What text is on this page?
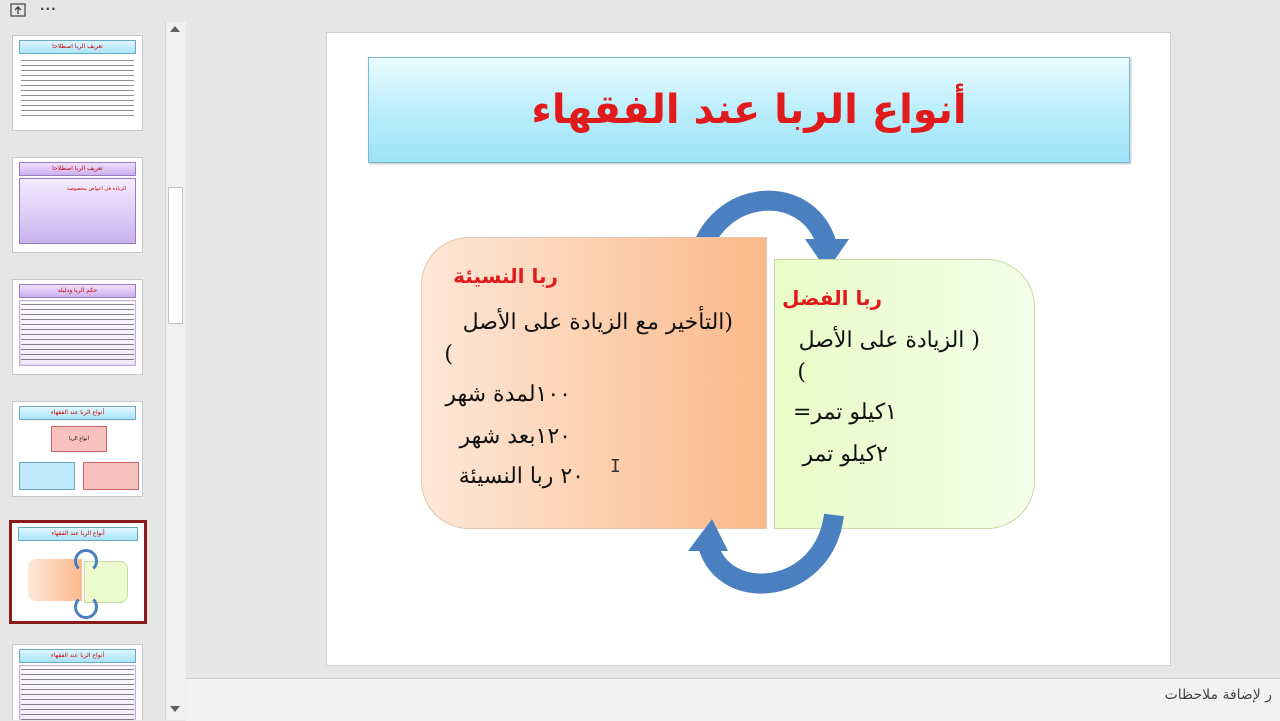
···
تعريف الربا اصطلاحا
تعريف الربا اصطلاحا
الزيادة في اعواض مخصوصة
حكم الربا ودليله
أنواع الربا عند الفقهاء
أنواع الربا
أنواع الربا عند الفقهاء
أنواع الربا عند الفقهاء
أنواع الربا عند الفقهاء
ربا النسيئة
(التأخير مع الزيادة على الأصل
)
١٠٠لمدة شهر
١٢٠بعد شهر
٢٠ ربا النسيئة
ربا الفضل
( الزيادة على الأصل
)
١كيلو تمر=
٢كيلو تمر
I
ر لإضافة ملاحظات
